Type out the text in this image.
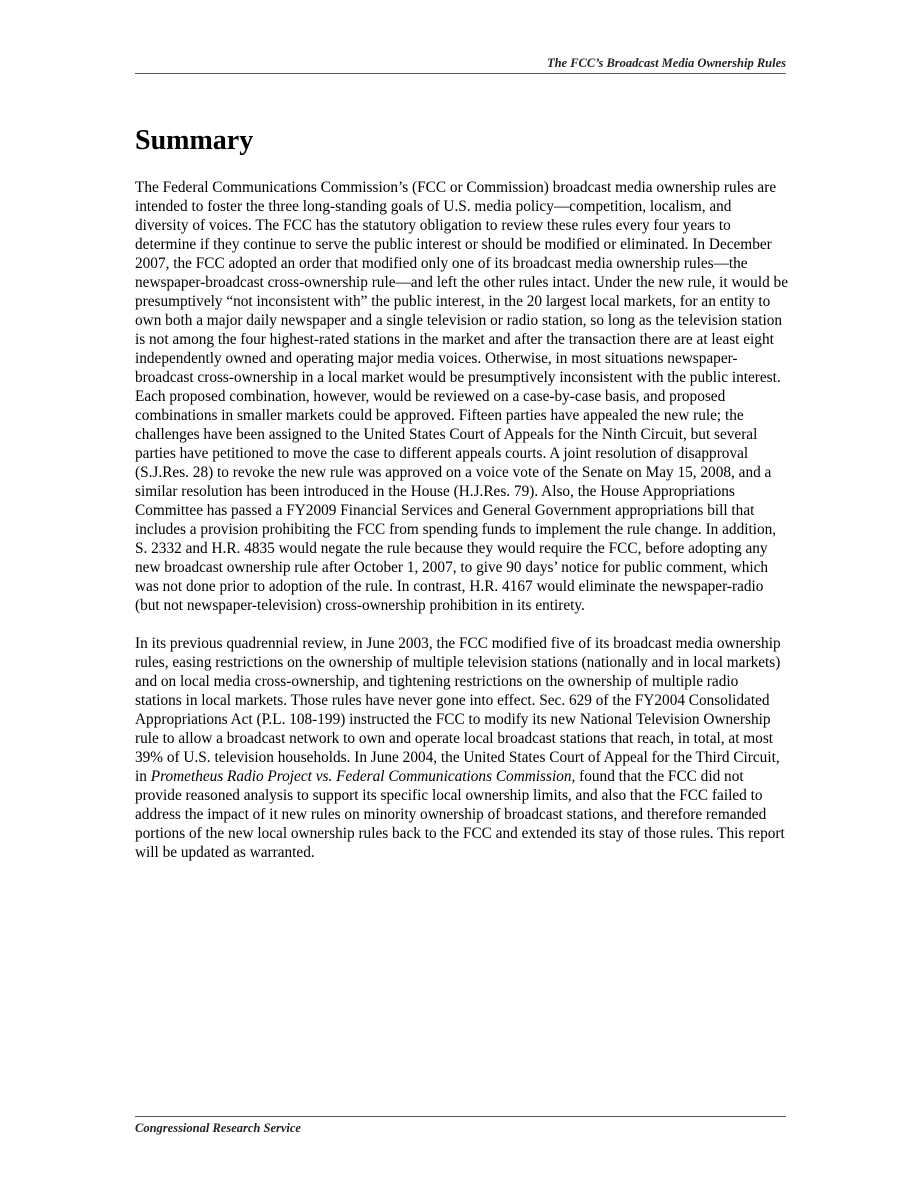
The FCC’s Broadcast Media Ownership Rules
Summary

The Federal Communications Commission’s (FCC or Commission) broadcast media ownership rules are intended to foster the three long-standing goals of U.S. media policy—competition, localism, and diversity of voices. The FCC has the statutory obligation to review these rules every four years to determine if they continue to serve the public interest or should be modified or eliminated. In December 2007, the FCC adopted an order that modified only one of its broadcast media ownership rules—the newspaper-broadcast cross-ownership rule—and left the other rules intact. Under the new rule, it would be presumptively “not inconsistent with” the public interest, in the 20 largest local markets, for an entity to own both a major daily newspaper and a single television or radio station, so long as the television station is not among the four highest-rated stations in the market and after the transaction there are at least eight independently owned and operating major media voices. Otherwise, in most situations newspaper-broadcast cross-ownership in a local market would be presumptively inconsistent with the public interest. Each proposed combination, however, would be reviewed on a case-by-case basis, and proposed combinations in smaller markets could be approved. Fifteen parties have appealed the new rule; the challenges have been assigned to the United States Court of Appeals for the Ninth Circuit, but several parties have petitioned to move the case to different appeals courts. A joint resolution of disapproval (S.J.Res. 28) to revoke the new rule was approved on a voice vote of the Senate on May 15, 2008, and a similar resolution has been introduced in the House (H.J.Res. 79). Also, the House Appropriations Committee has passed a FY2009 Financial Services and General Government appropriations bill that includes a provision prohibiting the FCC from spending funds to implement the rule change. In addition, S. 2332 and H.R. 4835 would negate the rule because they would require the FCC, before adopting any new broadcast ownership rule after October 1, 2007, to give 90 days’ notice for public comment, which was not done prior to adoption of the rule. In contrast, H.R. 4167 would eliminate the newspaper-radio (but not newspaper-television) cross-ownership prohibition in its entirety.

In its previous quadrennial review, in June 2003, the FCC modified five of its broadcast media ownership rules, easing restrictions on the ownership of multiple television stations (nationally and in local markets) and on local media cross-ownership, and tightening restrictions on the ownership of multiple radio stations in local markets. Those rules have never gone into effect. Sec. 629 of the FY2004 Consolidated Appropriations Act (P.L. 108-199) instructed the FCC to modify its new National Television Ownership rule to allow a broadcast network to own and operate local broadcast stations that reach, in total, at most 39% of U.S. television households. In June 2004, the United States Court of Appeal for the Third Circuit, in Prometheus Radio Project vs. Federal Communications Commission, found that the FCC did not provide reasoned analysis to support its specific local ownership limits, and also that the FCC failed to address the impact of it new rules on minority ownership of broadcast stations, and therefore remanded portions of the new local ownership rules back to the FCC and extended its stay of those rules. This report will be updated as warranted.

Congressional Research Service
